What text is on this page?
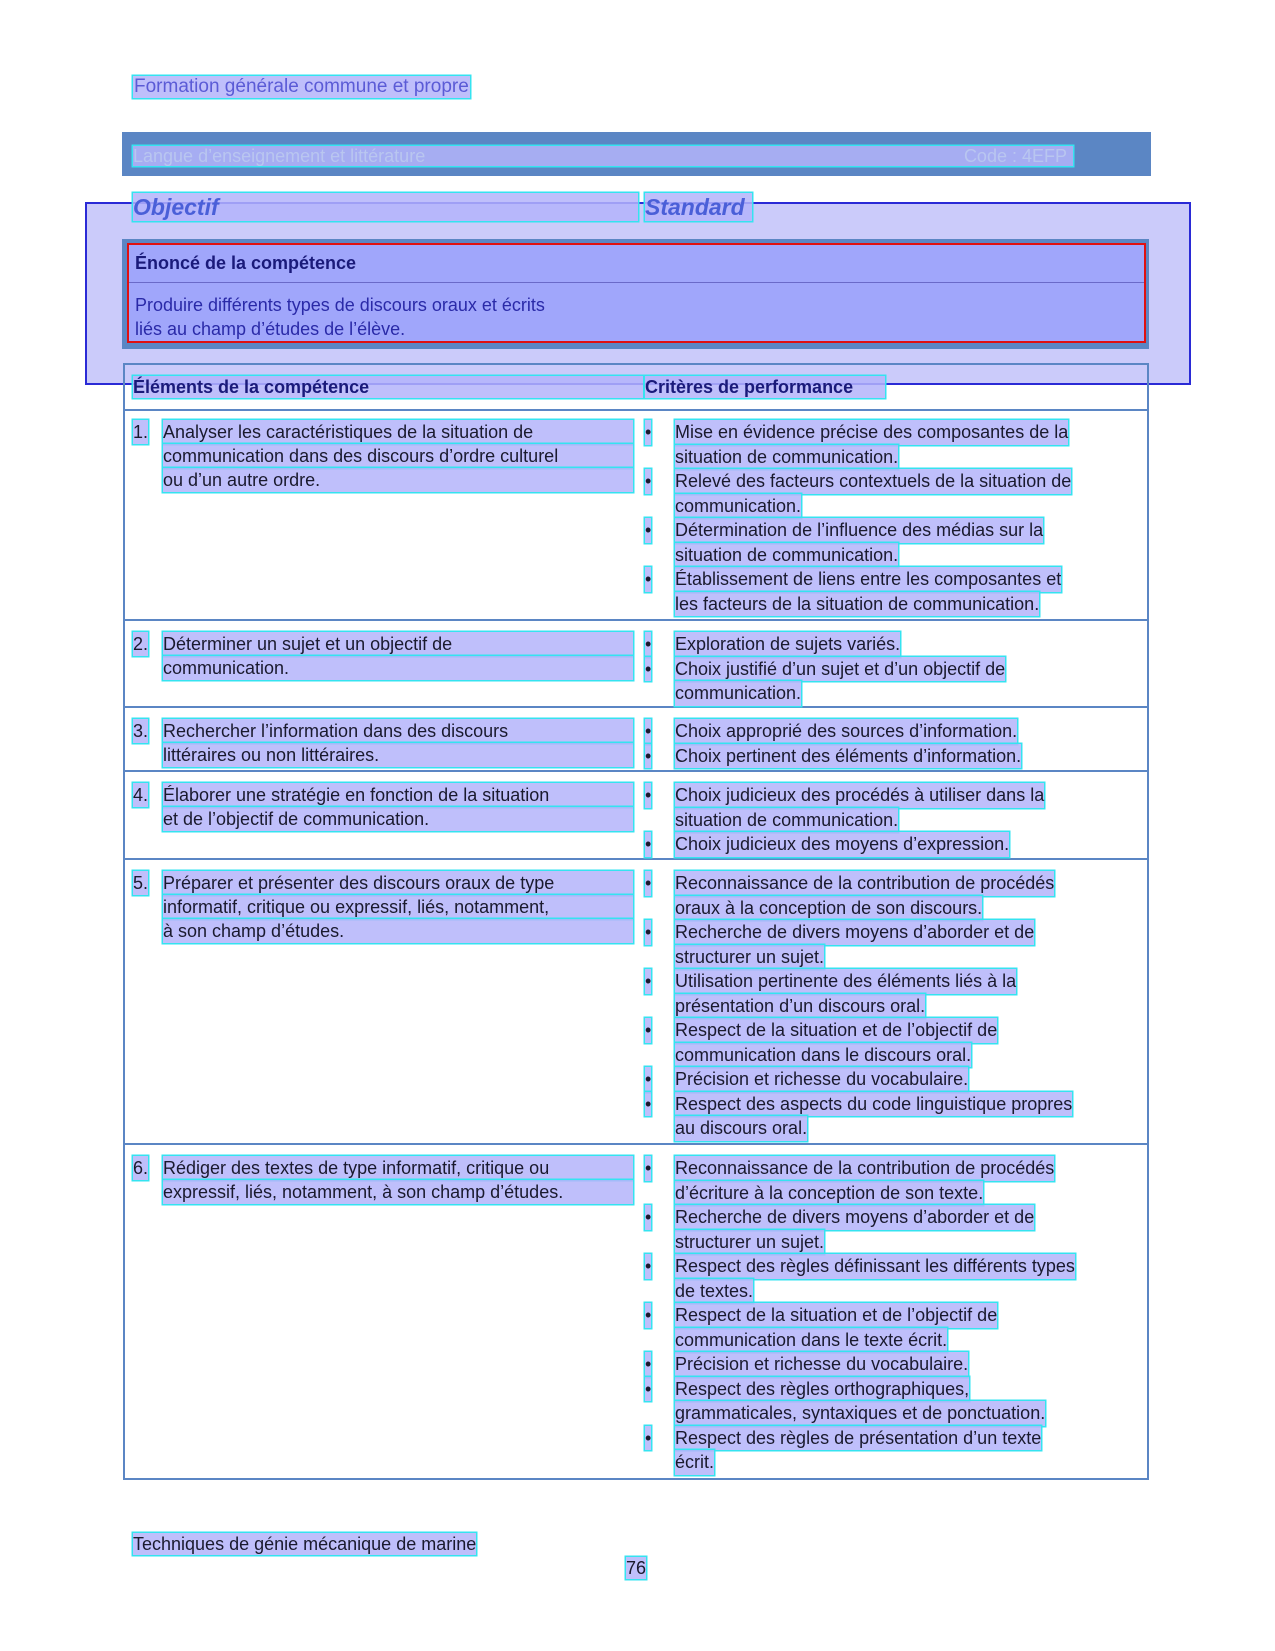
Formation générale commune et propre
Langue d’enseignement et littérature	Code : 4EFP
Objectif	Standard
Énoncé de la compétence
Produire différents types de discours oraux et écrits
liés au champ d’études de l’élève.
Éléments de la compétence	Critères de performance
1. Analyser les caractéristiques de la situation de
communication dans des discours d’ordre culturel
ou d’un autre ordre.
• Mise en évidence précise des composantes de la
situation de communication.
• Relevé des facteurs contextuels de la situation de
communication.
• Détermination de l’influence des médias sur la
situation de communication.
• Établissement de liens entre les composantes et
les facteurs de la situation de communication.
2. Déterminer un sujet et un objectif de
communication.
• Exploration de sujets variés.
• Choix justifié d’un sujet et d’un objectif de
communication.
3. Rechercher l’information dans des discours
littéraires ou non littéraires.
• Choix approprié des sources d’information.
• Choix pertinent des éléments d’information.
4. Élaborer une stratégie en fonction de la situation
et de l’objectif de communication.
• Choix judicieux des procédés à utiliser dans la
situation de communication.
• Choix judicieux des moyens d’expression.
5. Préparer et présenter des discours oraux de type
informatif, critique ou expressif, liés, notamment,
à son champ d’études.
• Reconnaissance de la contribution de procédés
oraux à la conception de son discours.
• Recherche de divers moyens d’aborder et de
structurer un sujet.
• Utilisation pertinente des éléments liés à la
présentation d’un discours oral.
• Respect de la situation et de l’objectif de
communication dans le discours oral.
• Précision et richesse du vocabulaire.
• Respect des aspects du code linguistique propres
au discours oral.
6. Rédiger des textes de type informatif, critique ou
expressif, liés, notamment, à son champ d’études.
• Reconnaissance de la contribution de procédés
d’écriture à la conception de son texte.
• Recherche de divers moyens d’aborder et de
structurer un sujet.
• Respect des règles définissant les différents types
de textes.
• Respect de la situation et de l’objectif de
communication dans le texte écrit.
• Précision et richesse du vocabulaire.
• Respect des règles orthographiques,
grammaticales, syntaxiques et de ponctuation.
• Respect des règles de présentation d’un texte
écrit.
Techniques de génie mécanique de marine
76
